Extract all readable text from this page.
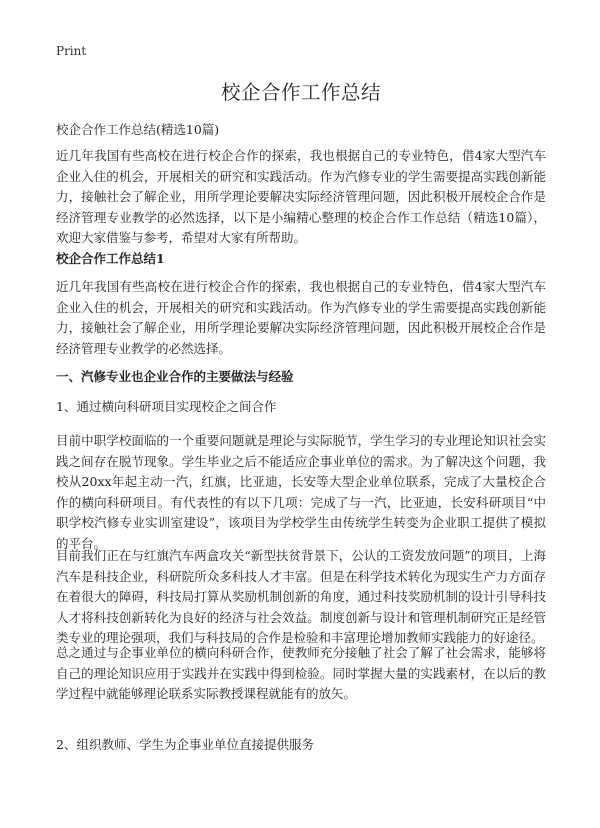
Print
校企合作工作总结

校企合作工作总结(精选10篇)

近几年我国有些高校在进行校企合作的探索，我也根据自己的专业特色，借4家大型汽车企业入住的机会，开展相关的研究和实践活动。作为汽修专业的学生需要提高实践创新能力，接触社会了解企业，用所学理论要解决实际经济管理问题，因此积极开展校企合作是经济管理专业教学的必然选择，以下是小编精心整理的校企合作工作总结（精选10篇），欢迎大家借鉴与参考，希望对大家有所帮助。

校企合作工作总结1

近几年我国有些高校在进行校企合作的探索，我也根据自己的专业特色，借4家大型汽车企业入住的机会，开展相关的研究和实践活动。作为汽修专业的学生需要提高实践创新能力，接触社会了解企业，用所学理论要解决实际经济管理问题，因此积极开展校企合作是经济管理专业教学的必然选择。

一、汽修专业也企业合作的主要做法与经验

1、通过横向科研项目实现校企之间合作

目前中职学校面临的一个重要问题就是理论与实际脱节，学生学习的专业理论知识社会实践之间存在脱节现象。学生毕业之后不能适应企事业单位的需求。为了解决这个问题，我校从20xx年起主动一汽，红旗，比亚迪，长安等大型企业单位联系，完成了大量校企合作的横向科研项目。有代表性的有以下几项：完成了与一汽，比亚迪，长安科研项目“中职学校汽修专业实训室建设”，该项目为学校学生由传统学生转变为企业职工提供了模拟的平台。

目前我们正在与红旗汽车两盒攻关“新型扶贫背景下，公认的工资发放问题”的项目，上海汽车是科技企业，科研院所众多科技人才丰富。但是在科学技术转化为现实生产力方面存在着很大的障碍，科技局打算从奖励机制创新的角度，通过科技奖励机制的设计引导科技人才将科技创新转化为良好的经济与社会效益。制度创新与设计和管理机制研究正是经管类专业的理论强项，我们与科技局的合作是检验和丰富理论增加教师实践能力的好途径。

总之通过与企事业单位的横向科研合作，使教师充分接触了社会了解了社会需求，能够将自己的理论知识应用于实践并在实践中得到检验。同时掌握大量的实践素材，在以后的教学过程中就能够理论联系实际教授课程就能有的放矢。

2、组织教师、学生为企事业单位直接提供服务
